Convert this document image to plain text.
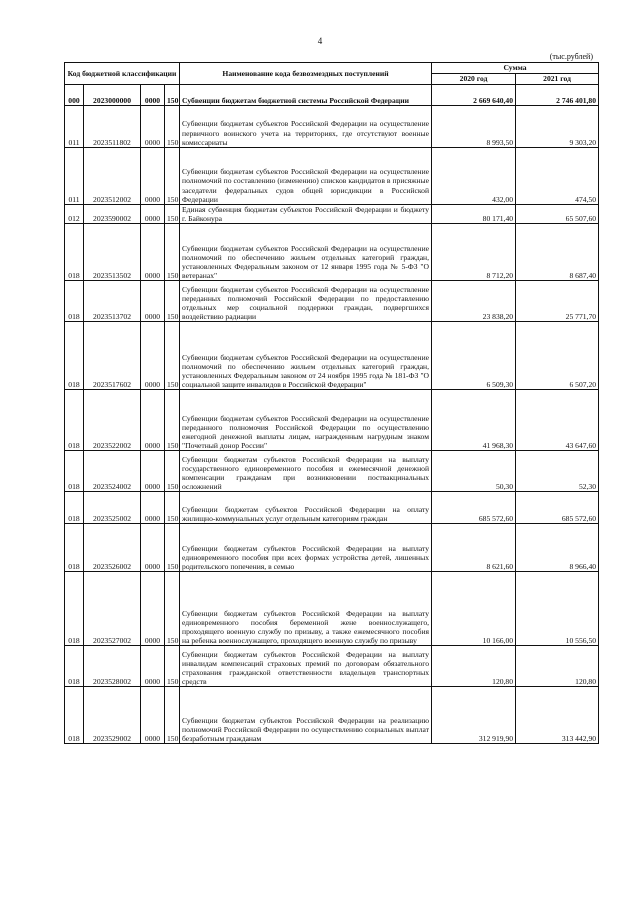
4
(тыс.рублей)
Код бюджетной классификации				Наименование кода безвозмездных поступлений	Сумма	
					2020 год	2021 год
000	2023000000	0000	150	Субвенции бюджетам бюджетной системы Российской Федерации	2 669 640,40	2 746 401,80
011	2023511802	0000	150	Субвенции бюджетам субъектов Российской Федерации на осуществление первичного воинского учета на территориях, где отсутствуют военные комиссариаты	8 993,50	9 303,20
011	2023512002	0000	150	Субвенции бюджетам субъектов Российской Федерации на осуществление полномочий по составлению (изменению) списков кандидатов в присяжные заседатели федеральных судов общей юрисдикции в Российской Федерации	432,00	474,50
012	2023590002	0000	150	Единая субвенция бюджетам субъектов Российской Федерации и бюджету г. Байконура	80 171,40	65 507,60
018	2023513502	0000	150	Субвенции бюджетам субъектов Российской Федерации на осуществление полномочий по обеспечению жильем отдельных категорий граждан, установленных Федеральным законом от 12 января 1995 года № 5-ФЗ "О ветеранах"	8 712,20	8 687,40
018	2023513702	0000	150	Субвенции бюджетам субъектов Российской Федерации на осуществление переданных полномочий Российской Федерации по предоставлению отдельных мер социальной поддержки граждан, подвергшихся воздействию радиации	23 838,20	25 771,70
018	2023517602	0000	150	Субвенции бюджетам субъектов Российской Федерации на осуществление полномочий по обеспечению жильем отдельных категорий граждан, установленных Федеральным законом от 24 ноября 1995 года № 181-ФЗ "О социальной защите инвалидов в Российской Федерации"	6 509,30	6 507,20
018	2023522002	0000	150	Субвенции бюджетам субъектов Российской Федерации на осуществление переданного полномочия Российской Федерации по осуществлению ежегодной денежной выплаты лицам, награжденным нагрудным знаком "Почетный донор России"	41 968,30	43 647,60
018	2023524002	0000	150	Субвенции бюджетам субъектов Российской Федерации на выплату государственного единовременного пособия и ежемесячной денежной компенсации гражданам при возникновении поствакцинальных осложнений	50,30	52,30
018	2023525002	0000	150	Субвенции бюджетам субъектов Российской Федерации на оплату жилищно-коммунальных услуг отдельным категориям граждан	685 572,60	685 572,60
018	2023526002	0000	150	Субвенции бюджетам субъектов Российской Федерации на выплату единовременного пособия при всех формах устройства детей, лишенных родительского попечения, в семью	8 621,60	8 966,40
018	2023527002	0000	150	Субвенции бюджетам субъектов Российской Федерации на выплату единовременного пособия беременной жене военнослужащего, проходящего военную службу по призыву, а также ежемесячного пособия на ребенка военнослужащего, проходящего военную службу по призыву	10 166,00	10 556,50
018	2023528002	0000	150	Субвенции бюджетам субъектов Российской Федерации на выплату инвалидам компенсаций страховых премий по договорам обязательного страхования гражданской ответственности владельцев транспортных средств	120,80	120,80
018	2023529002	0000	150	Субвенции бюджетам субъектов Российской Федерации на реализацию полномочий Российской Федерации по осуществлению социальных выплат безработным гражданам	312 919,90	313 442,90
